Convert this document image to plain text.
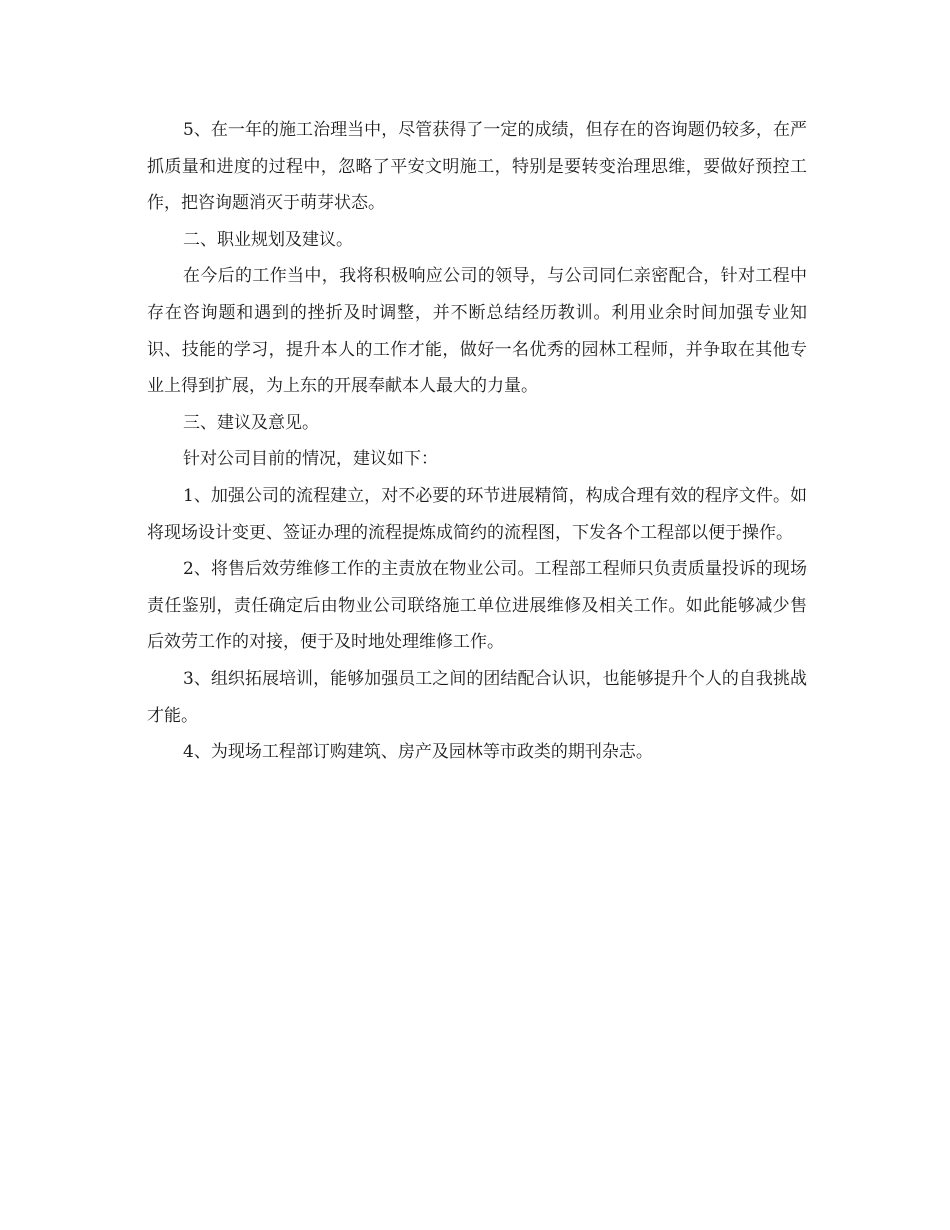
5、在一年的施工治理当中，尽管获得了一定的成绩，但存在的咨询题仍较多，在严抓质量和进度的过程中，忽略了平安文明施工，特别是要转变治理思维，要做好预控工作，把咨询题消灭于萌芽状态。

二、职业规划及建议。

在今后的工作当中，我将积极响应公司的领导，与公司同仁亲密配合，针对工程中存在咨询题和遇到的挫折及时调整，并不断总结经历教训。利用业余时间加强专业知识、技能的学习，提升本人的工作才能，做好一名优秀的园林工程师，并争取在其他专业上得到扩展，为上东的开展奉献本人最大的力量。

三、建议及意见。

针对公司目前的情况，建议如下：

1、加强公司的流程建立，对不必要的环节进展精简，构成合理有效的程序文件。如将现场设计变更、签证办理的流程提炼成简约的流程图，下发各个工程部以便于操作。

2、将售后效劳维修工作的主责放在物业公司。工程部工程师只负责质量投诉的现场责任鉴别，责任确定后由物业公司联络施工单位进展维修及相关工作。如此能够减少售后效劳工作的对接，便于及时地处理维修工作。

3、组织拓展培训，能够加强员工之间的团结配合认识，也能够提升个人的自我挑战才能。

4、为现场工程部订购建筑、房产及园林等市政类的期刊杂志。
